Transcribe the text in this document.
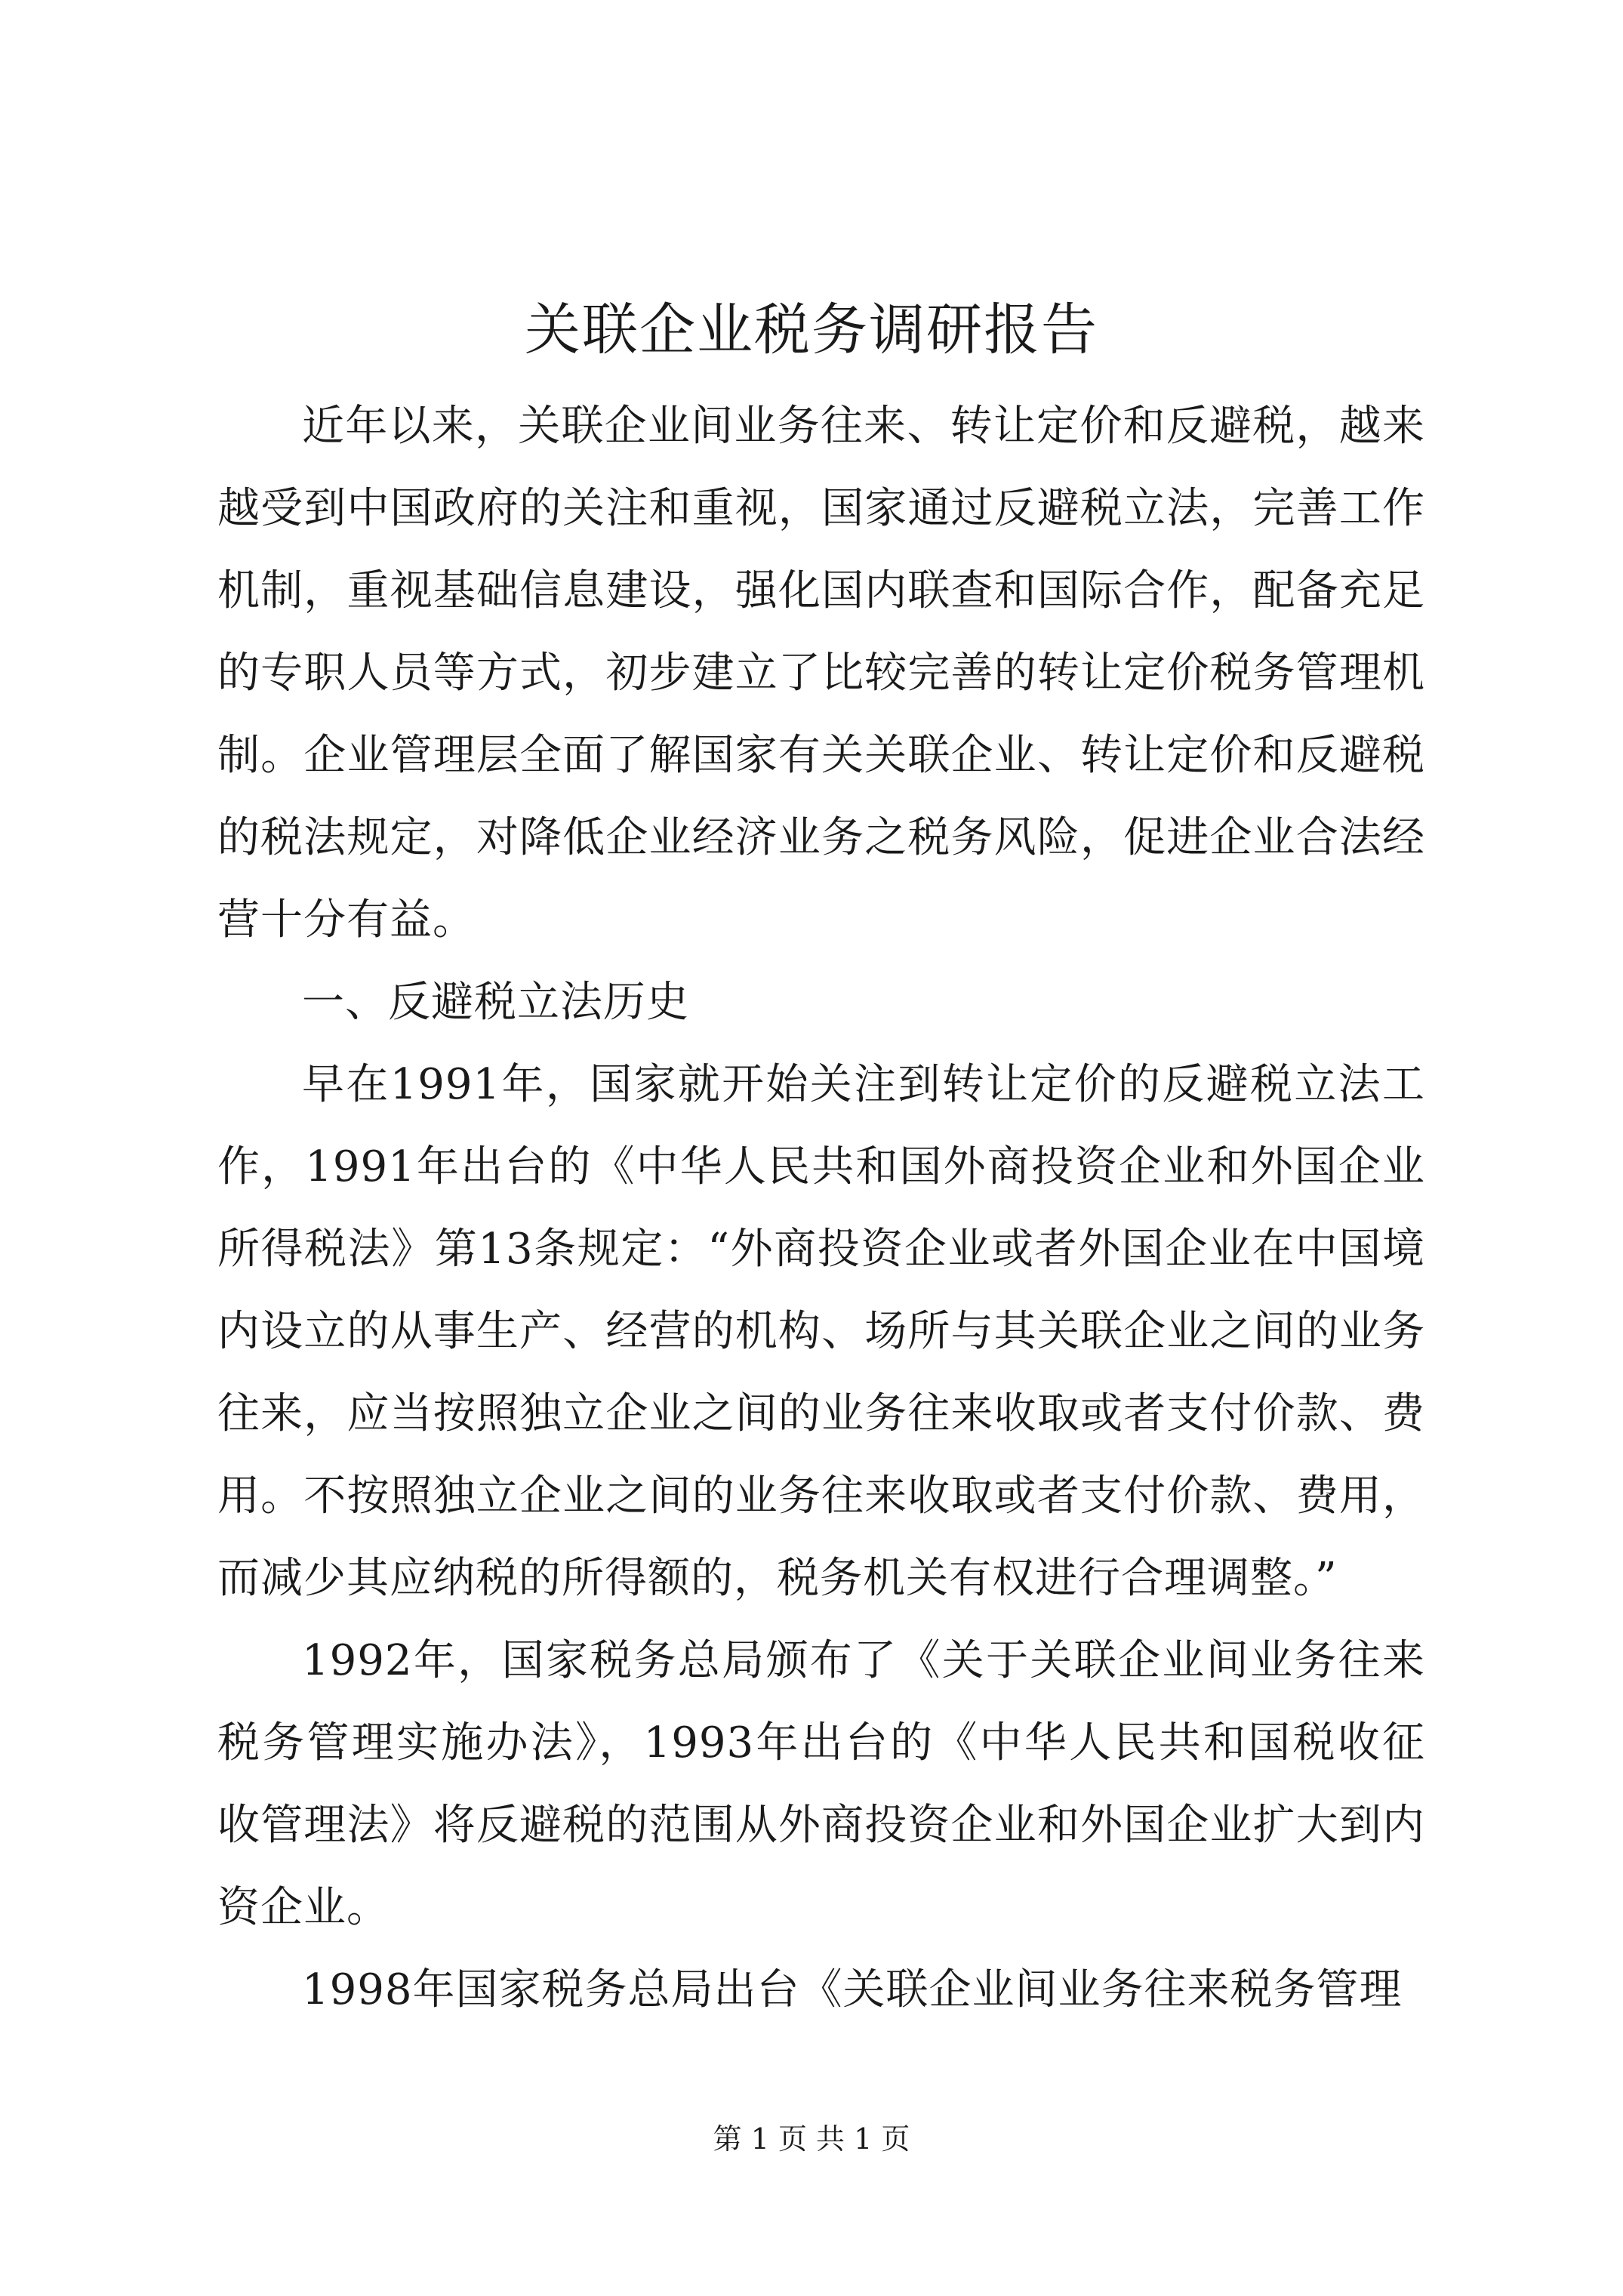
关联企业税务调研报告

近年以来，关联企业间业务往来、转让定价和反避税，越来越受到中国政府的关注和重视，国家通过反避税立法，完善工作机制，重视基础信息建设，强化国内联查和国际合作，配备充足的专职人员等方式，初步建立了比较完善的转让定价税务管理机制。企业管理层全面了解国家有关关联企业、转让定价和反避税的税法规定，对降低企业经济业务之税务风险，促进企业合法经营十分有益。

一、反避税立法历史

早在1991年，国家就开始关注到转让定价的反避税立法工作，1991年出台的《中华人民共和国外商投资企业和外国企业所得税法》第13条规定：“外商投资企业或者外国企业在中国境内设立的从事生产、经营的机构、场所与其关联企业之间的业务往来，应当按照独立企业之间的业务往来收取或者支付价款、费用。不按照独立企业之间的业务往来收取或者支付价款、费用，而减少其应纳税的所得额的，税务机关有权进行合理调整。”

1992年，国家税务总局颁布了《关于关联企业间业务往来税务管理实施办法》，1993年出台的《中华人民共和国税收征收管理法》将反避税的范围从外商投资企业和外国企业扩大到内资企业。

1998年国家税务总局出台《关联企业间业务往来税务管理

第 1 页 共 1 页
